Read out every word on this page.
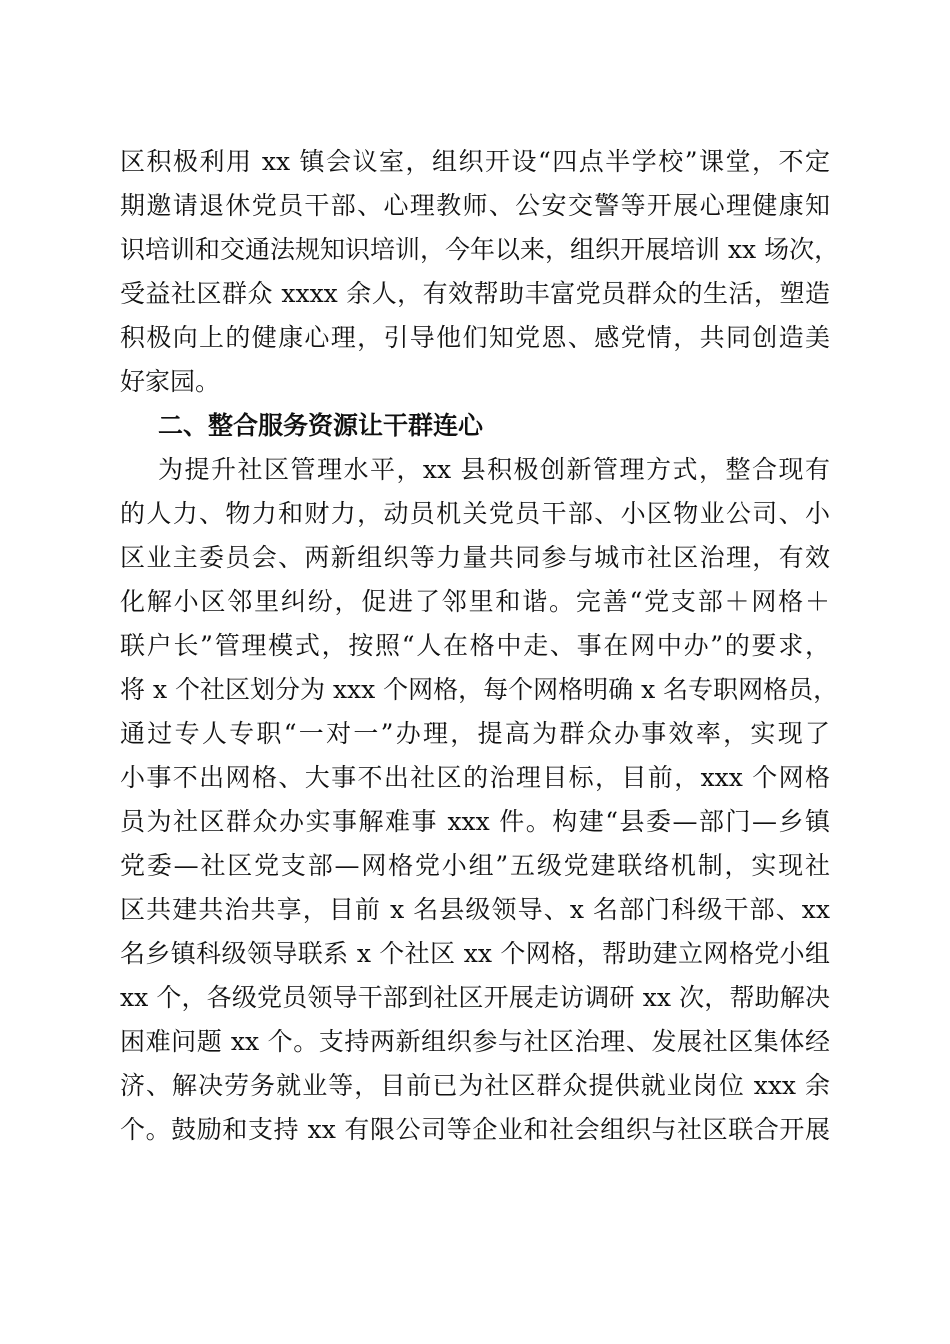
区积极利用 xx 镇会议室，组织开设“四点半学校”课堂，不定
期邀请退休党员干部、心理教师、公安交警等开展心理健康知
识培训和交通法规知识培训，今年以来，组织开展培训 xx 场次，
受益社区群众 xxxx 余人，有效帮助丰富党员群众的生活，塑造
积极向上的健康心理，引导他们知党恩、感党情，共同创造美
好家园。
二、整合服务资源让干群连心
为提升社区管理水平，xx 县积极创新管理方式，整合现有
的人力、物力和财力，动员机关党员干部、小区物业公司、小
区业主委员会、两新组织等力量共同参与城市社区治理，有效
化解小区邻里纠纷，促进了邻里和谐。完善“党支部＋网格＋
联户长”管理模式，按照“人在格中走、事在网中办”的要求，
将 x 个社区划分为 xxx 个网格，每个网格明确 x 名专职网格员，
通过专人专职“一对一”办理，提高为群众办事效率，实现了
小事不出网格、大事不出社区的治理目标，目前，xxx 个网格
员为社区群众办实事解难事 xxx 件。构建“县委—部门—乡镇
党委—社区党支部—网格党小组”五级党建联络机制，实现社
区共建共治共享，目前 x 名县级领导、x 名部门科级干部、xx
名乡镇科级领导联系 x 个社区 xx 个网格，帮助建立网格党小组
xx 个，各级党员领导干部到社区开展走访调研 xx 次，帮助解决
困难问题 xx 个。支持两新组织参与社区治理、发展社区集体经
济、解决劳务就业等，目前已为社区群众提供就业岗位 xxx 余
个。鼓励和支持 xx 有限公司等企业和社会组织与社区联合开展
